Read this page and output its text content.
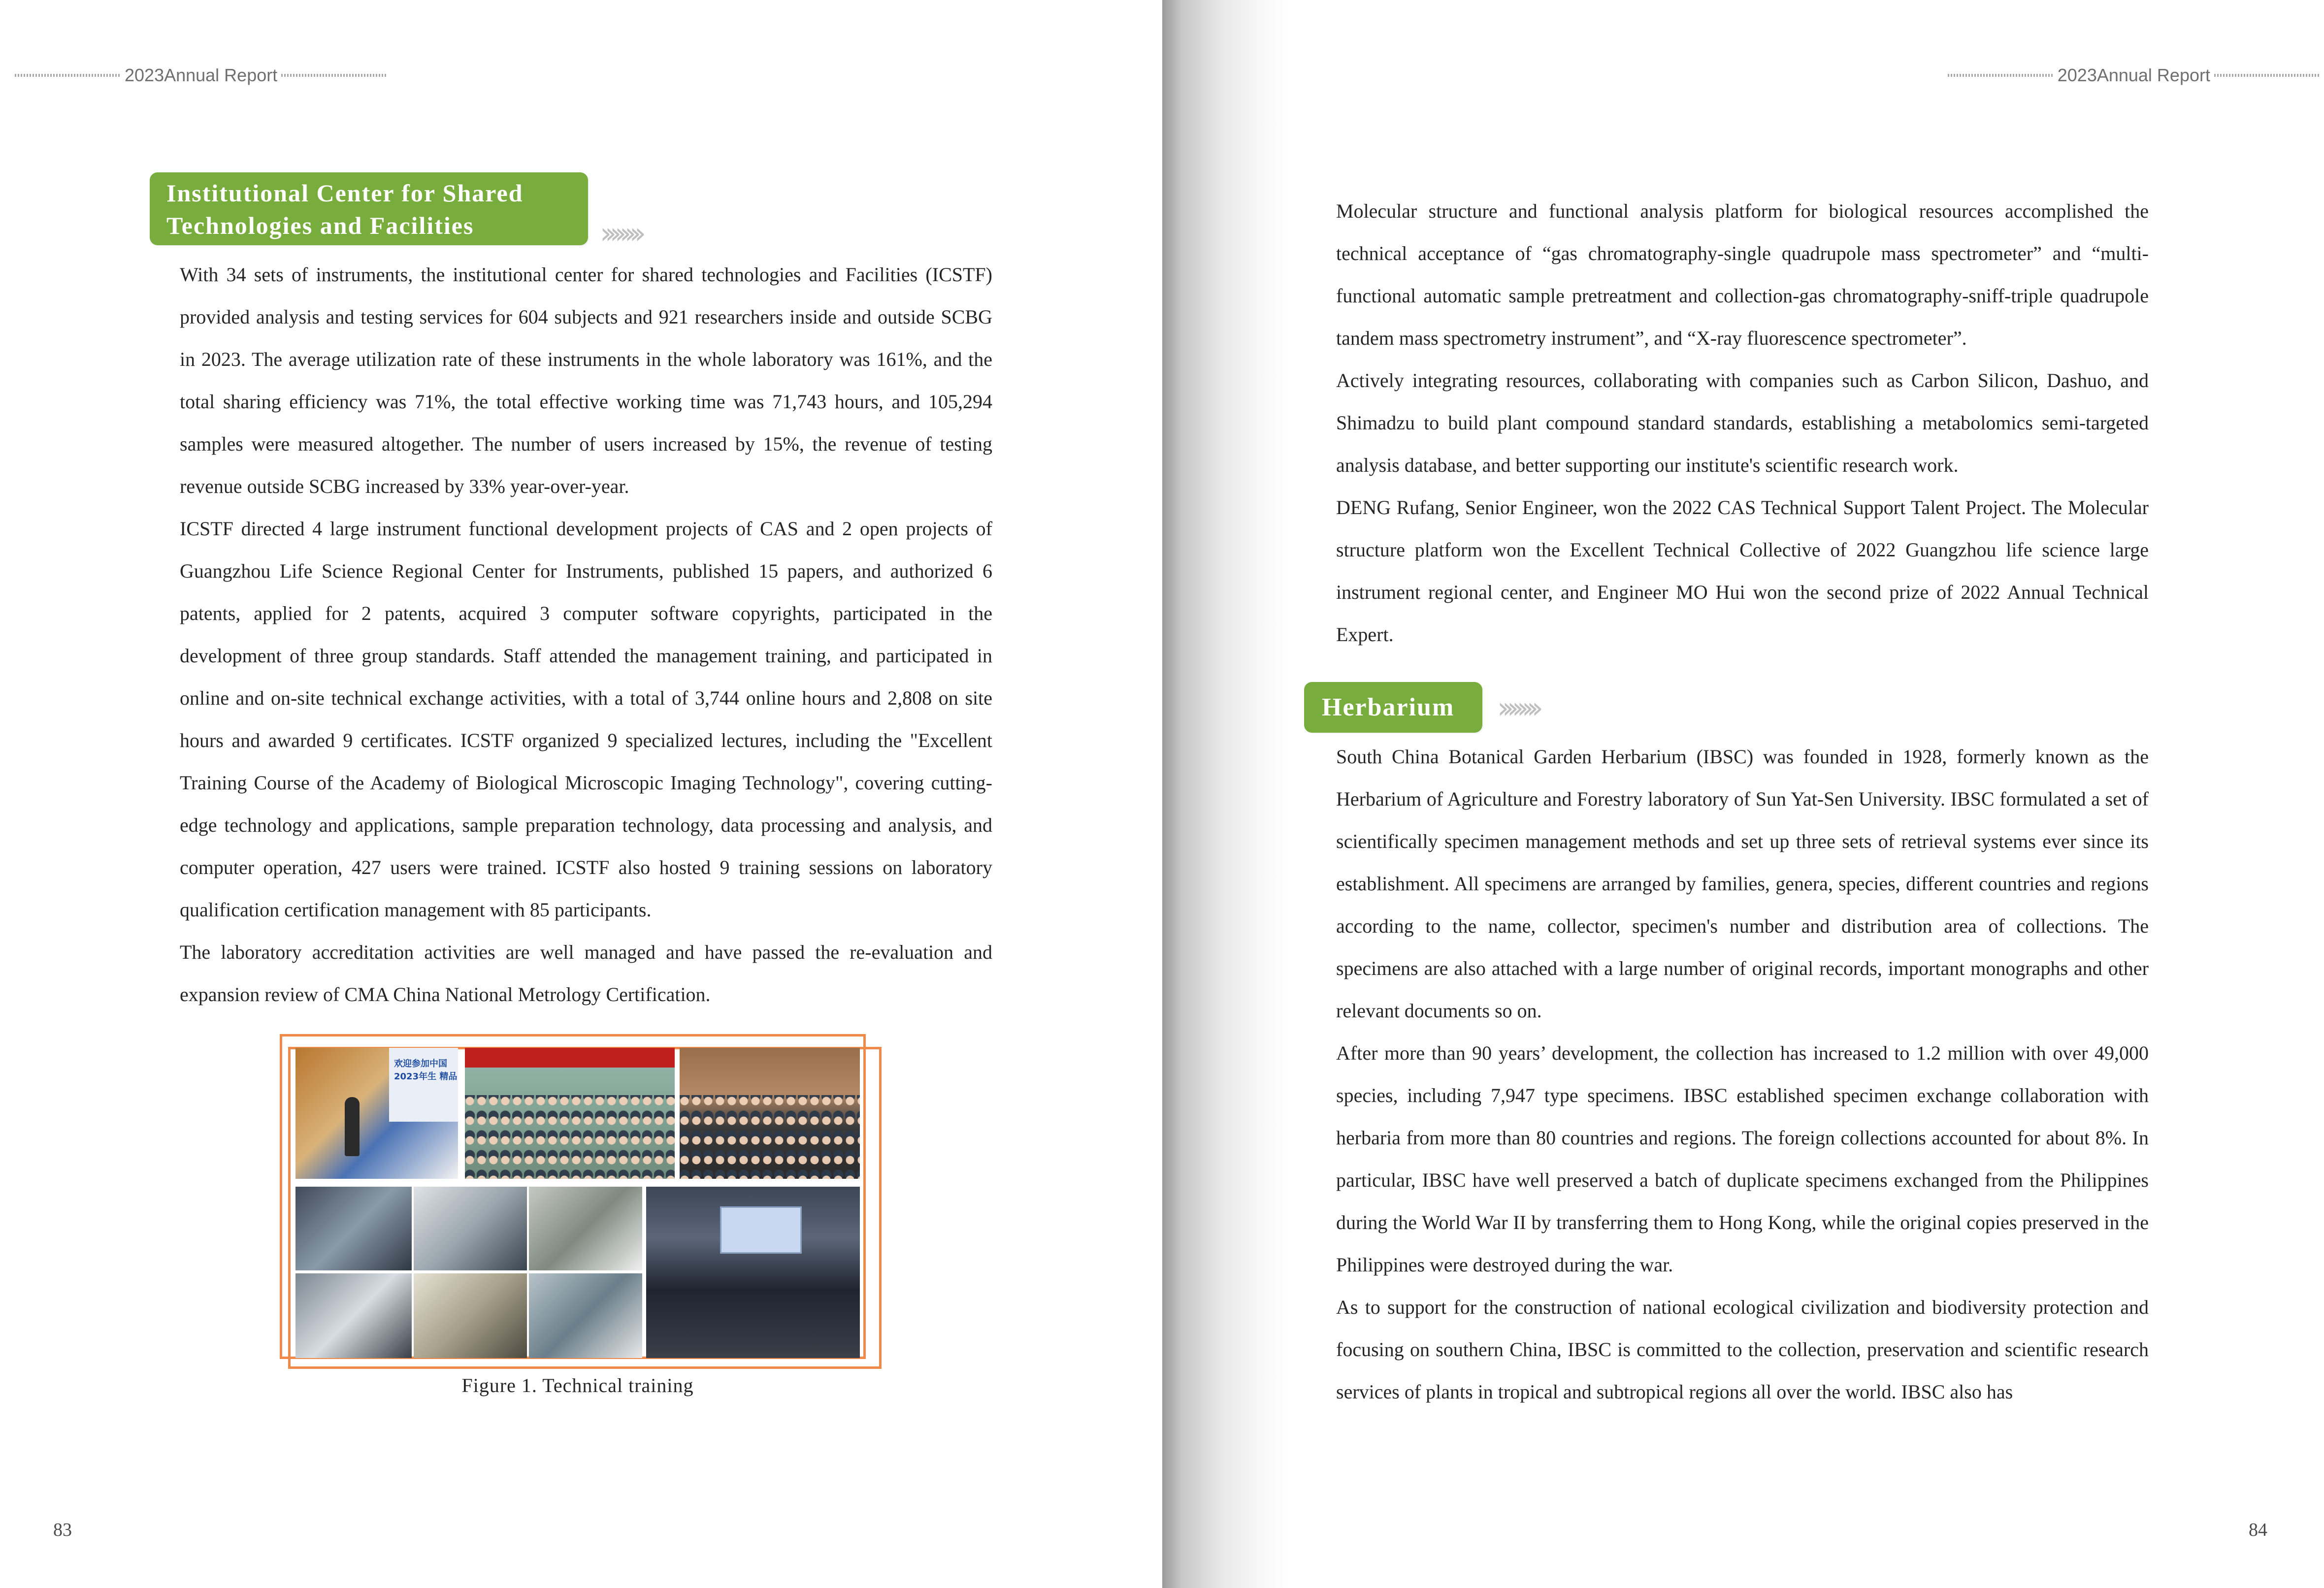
2023Annual Report
Institutional Center for Shared
Technologies and Facilities	››››››››

With 34 sets of instruments, the institutional center for shared technologies and Facilities (ICSTF) provided analysis and testing services for 604 subjects and 921 researchers inside and outside SCBG in 2023. The average utilization rate of these instruments in the whole laboratory was 161%, and the total sharing efficiency was 71%, the total effective working time was 71,743 hours, and 105,294 samples were measured altogether. The number of users increased by 15%, the revenue of testing revenue outside SCBG increased by 33% year-over-year.

ICSTF directed 4 large instrument functional development projects of CAS and 2 open projects of Guangzhou Life Science Regional Center for Instruments, published 15 papers, and authorized 6 patents, applied for 2 patents, acquired 3 computer software copyrights, participated in the development of three group standards. Staff attended the management training, and participated in online and on-site technical exchange activities, with a total of 3,744 online hours and 2,808 on site hours and awarded 9 certificates. ICSTF organized 9 specialized lectures, including the "Excellent Training Course of the Academy of Biological Microscopic Imaging Technology", covering cutting-edge technology and applications, sample preparation technology, data processing and analysis, and computer operation, 427 users were trained. ICSTF also hosted 9 training sessions on laboratory qualification certification management with 85 participants.

The laboratory accreditation activities are well managed and have passed the re-evaluation and expansion review of CMA China National Metrology Certification.

欢迎参加中国 2023年生 精品
Figure 1. Technical training
83
2023Annual Report
84

Molecular structure and functional analysis platform for biological resources accomplished the technical acceptance of “gas chromatography-single quadrupole mass spectrometer” and “multi-functional automatic sample pretreatment and collection-gas chromatography-sniff-triple quadrupole tandem mass spectrometry instrument”, and “X-ray fluorescence spectrometer”.

Actively integrating resources, collaborating with companies such as Carbon Silicon, Dashuo, and Shimadzu to build plant compound standard standards, establishing a metabolomics semi-targeted analysis database, and better supporting our institute's scientific research work.

DENG Rufang, Senior Engineer, won the 2022 CAS Technical Support Talent Project. The Molecular structure platform won the Excellent Technical Collective of 2022 Guangzhou life science large instrument regional center, and Engineer MO Hui won the second prize of 2022 Annual Technical Expert.

Herbarium	››››››››

South China Botanical Garden Herbarium (IBSC) was founded in 1928, formerly known as the Herbarium of Agriculture and Forestry laboratory of Sun Yat-Sen University. IBSC formulated a set of scientifically specimen management methods and set up three sets of retrieval systems ever since its establishment. All specimens are arranged by families, genera, species, different countries and regions according to the name, collector, specimen's number and distribution area of collections. The specimens are also attached with a large number of original records, important monographs and other relevant documents so on.

After more than 90 years’ development, the collection has increased to 1.2 million with over 49,000 species, including 7,947 type specimens. IBSC established specimen exchange collaboration with herbaria from more than 80 countries and regions. The foreign collections accounted for about 8%. In particular, IBSC have well preserved a batch of duplicate specimens exchanged from the Philippines during the World War II by transferring them to Hong Kong, while the original copies preserved in the Philippines were destroyed during the war.

As to support for the construction of national ecological civilization and biodiversity protection and focusing on southern China, IBSC is committed to the collection, preservation and scientific research services of plants in tropical and subtropical regions all over the world. IBSC also has
